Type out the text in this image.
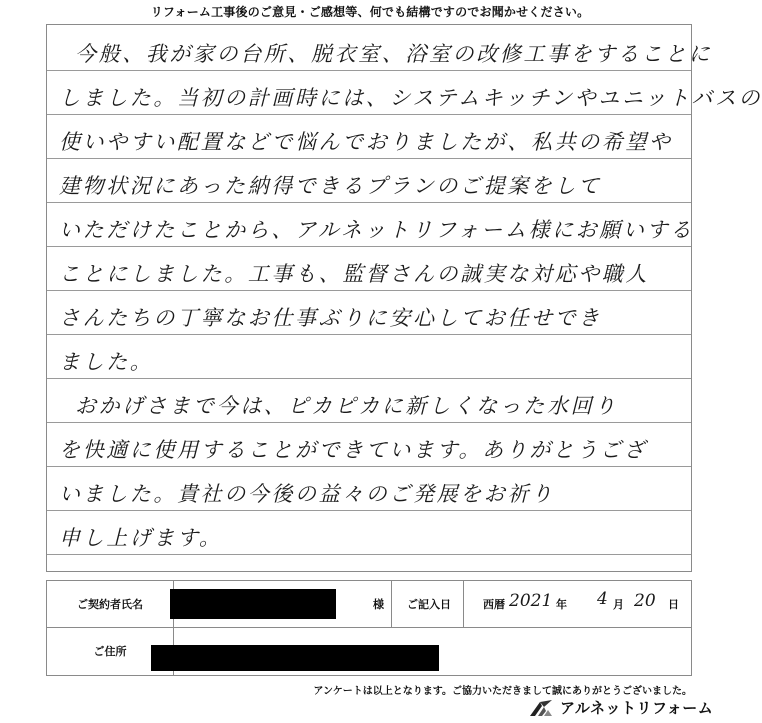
リフォーム工事後のご意見・ご感想等、何でも結構ですのでお聞かせください。
今般、我が家の台所、脱衣室、浴室の改修工事をすることに
しました。当初の計画時には、システムキッチンやユニットバスの
使いやすい配置などで悩んでおりましたが、私共の希望や
建物状況にあった納得できるプランのご提案をして
いただけたことから、アルネットリフォーム様にお願いする
ことにしました。工事も、監督さんの誠実な対応や職人
さんたちの丁寧なお仕事ぶりに安心してお任せでき
ました。
おかげさまで今は、ピカピカに新しくなった水回り
を快適に使用することができています。ありがとうござ
いました。貴社の今後の益々のご発展をお祈り
申し上げます。
ご契約者氏名	様 ご記入日	西暦 2021 年 4 月 20 日
ご住所
アンケートは以上となります。ご協力いただきまして誠にありがとうございました。
アルネットリフォーム
